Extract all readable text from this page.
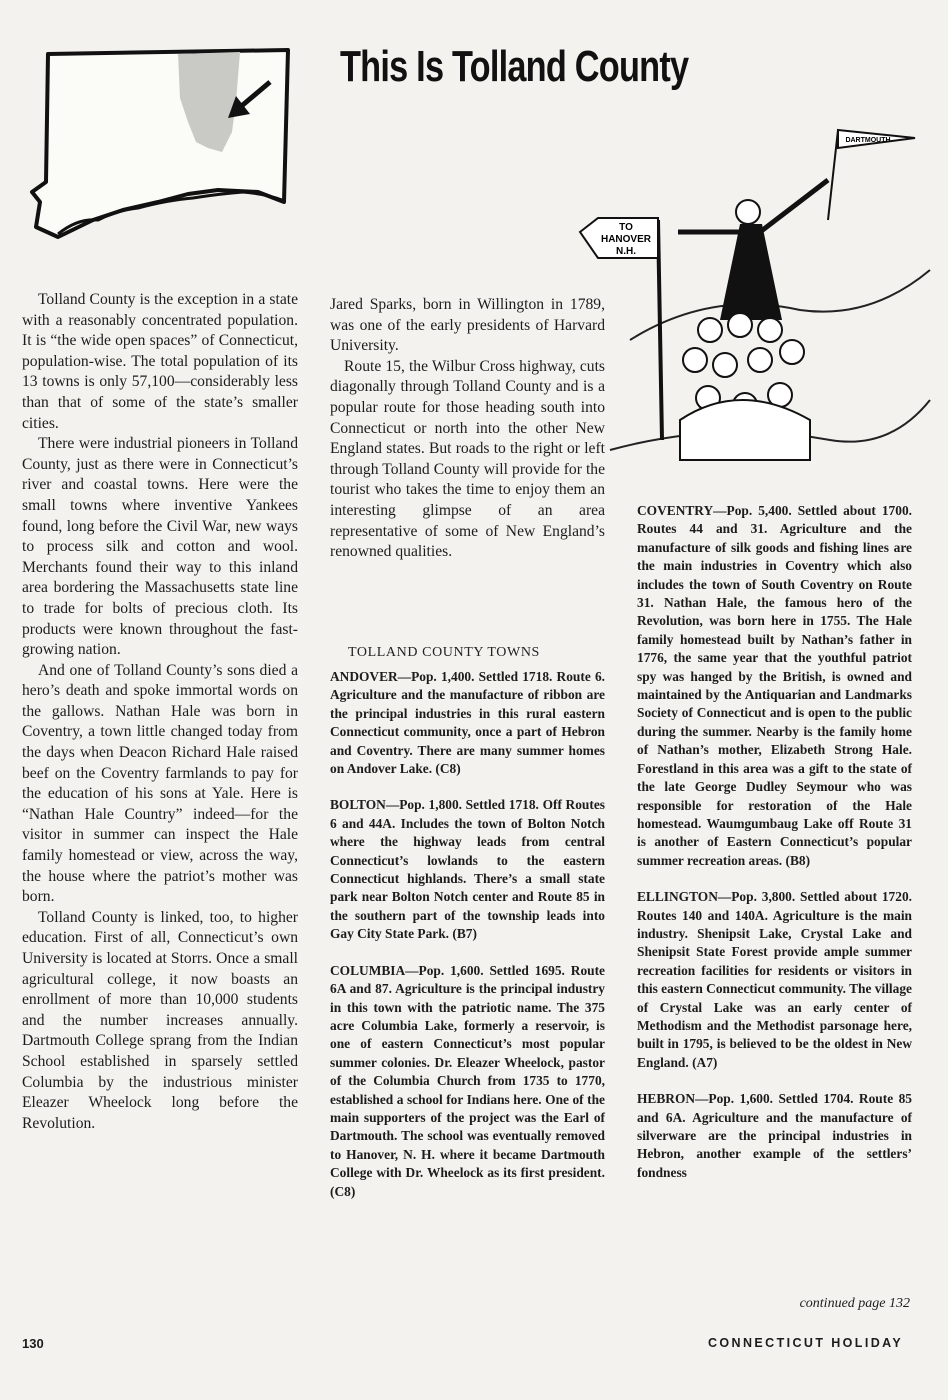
This Is Tolland County
TO
HANOVER
N.H.
DARTMOUTH

Tolland County is the exception in a state with a reasonably concentrated population. It is “the wide open spaces” of Connecticut, population-wise. The total population of its 13 towns is only 57,100—considerably less than that of some of the state’s smaller cities.

There were industrial pioneers in Tolland County, just as there were in Connecticut’s river and coastal towns. Here were the small towns where inventive Yankees found, long before the Civil War, new ways to process silk and cotton and wool. Merchants found their way to this inland area bordering the Massachusetts state line to trade for bolts of precious cloth. Its products were known throughout the fast-growing nation.

And one of Tolland County’s sons died a hero’s death and spoke immortal words on the gallows. Nathan Hale was born in Coventry, a town little changed today from the days when Deacon Richard Hale raised beef on the Coventry farmlands to pay for the education of his sons at Yale. Here is “Nathan Hale Country” indeed—for the visitor in summer can inspect the Hale family homestead or view, across the way, the house where the patriot’s mother was born.

Tolland County is linked, too, to higher education. First of all, Connecticut’s own University is located at Storrs. Once a small agricultural college, it now boasts an enrollment of more than 10,000 students and the number increases annually. Dartmouth College sprang from the Indian School established in sparsely settled Columbia by the industrious minister Eleazer Wheelock long before the Revolution.

Jared Sparks, born in Willington in 1789, was one of the early presidents of Harvard University.

Route 15, the Wilbur Cross highway, cuts diagonally through Tolland County and is a popular route for those heading south into Connecticut or north into the other New England states. But roads to the right or left through Tolland County will provide for the tourist who takes the time to enjoy them an interesting glimpse of an area representative of some of New England’s renowned qualities.

TOLLAND COUNTY TOWNS

ANDOVER—Pop. 1,400. Settled 1718. Route 6. Agriculture and the manufacture of ribbon are the principal industries in this rural eastern Connecticut community, once a part of Hebron and Coventry. There are many summer homes on Andover Lake. (C8)

BOLTON—Pop. 1,800. Settled 1718. Off Routes 6 and 44A. Includes the town of Bolton Notch where the highway leads from central Connecticut’s lowlands to the eastern Connecticut highlands. There’s a small state park near Bolton Notch center and Route 85 in the southern part of the township leads into Gay City State Park. (B7)

COLUMBIA—Pop. 1,600. Settled 1695. Route 6A and 87. Agriculture is the principal industry in this town with the patriotic name. The 375 acre Columbia Lake, formerly a reservoir, is one of eastern Connecticut’s most popular summer colonies. Dr. Eleazer Wheelock, pastor of the Columbia Church from 1735 to 1770, established a school for Indians here. One of the main supporters of the project was the Earl of Dartmouth. The school was eventually removed to Hanover, N. H. where it became Dartmouth College with Dr. Wheelock as its first president. (C8)

COVENTRY—Pop. 5,400. Settled about 1700. Routes 44 and 31. Agriculture and the manufacture of silk goods and fishing lines are the main industries in Coventry which also includes the town of South Coventry on Route 31. Nathan Hale, the famous hero of the Revolution, was born here in 1755. The Hale family homestead built by Nathan’s father in 1776, the same year that the youthful patriot spy was hanged by the British, is owned and maintained by the Antiquarian and Landmarks Society of Connecticut and is open to the public during the summer. Nearby is the family home of Nathan’s mother, Elizabeth Strong Hale. Forestland in this area was a gift to the state of the late George Dudley Seymour who was responsible for restoration of the Hale homestead. Waumgumbaug Lake off Route 31 is another of Eastern Connecticut’s popular summer recreation areas. (B8)

ELLINGTON—Pop. 3,800. Settled about 1720. Routes 140 and 140A. Agriculture is the main industry. Shenipsit Lake, Crystal Lake and Shenipsit State Forest provide ample summer recreation facilities for residents or visitors in this eastern Connecticut community. The village of Crystal Lake was an early center of Methodism and the Methodist parsonage here, built in 1795, is believed to be the oldest in New England. (A7)

HEBRON—Pop. 1,600. Settled 1704. Route 85 and 6A. Agriculture and the manufacture of silverware are the principal industries in Hebron, another example of the settlers’ fondness

continued page 132
130	CONNECTICUT HOLIDAY
